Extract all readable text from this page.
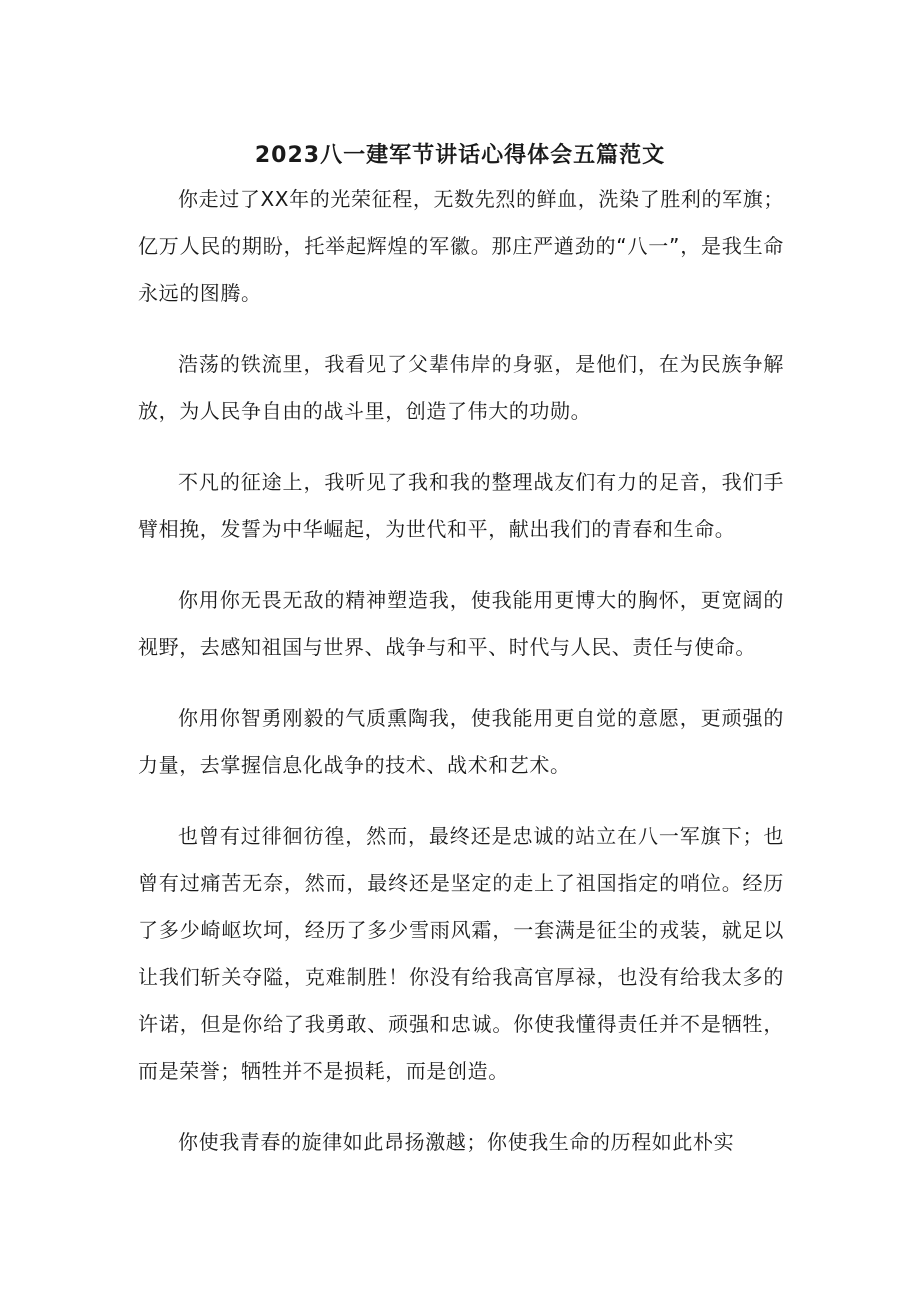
2023八一建军节讲话心得体会五篇范文

你走过了XX年的光荣征程，无数先烈的鲜血，洗染了胜利的军旗；亿万人民的期盼，托举起辉煌的军徽。那庄严遒劲的“八一”，是我生命永远的图腾。

浩荡的铁流里，我看见了父辈伟岸的身驱，是他们，在为民族争解放，为人民争自由的战斗里，创造了伟大的功勋。

不凡的征途上，我听见了我和我的整理战友们有力的足音，我们手臂相挽，发誓为中华崛起，为世代和平，献出我们的青春和生命。

你用你无畏无敌的精神塑造我，使我能用更博大的胸怀，更宽阔的视野，去感知祖国与世界、战争与和平、时代与人民、责任与使命。

你用你智勇刚毅的气质熏陶我，使我能用更自觉的意愿，更顽强的力量，去掌握信息化战争的技术、战术和艺术。

也曾有过徘徊彷徨，然而，最终还是忠诚的站立在八一军旗下；也曾有过痛苦无奈，然而，最终还是坚定的走上了祖国指定的哨位。经历了多少崎岖坎坷，经历了多少雪雨风霜，一套满是征尘的戎装，就足以让我们斩关夺隘，克难制胜！你没有给我高官厚禄，也没有给我太多的许诺，但是你给了我勇敢、顽强和忠诚。你使我懂得责任并不是牺牲，而是荣誉；牺牲并不是损耗，而是创造。

你使我青春的旋律如此昂扬激越；你使我生命的历程如此朴实
